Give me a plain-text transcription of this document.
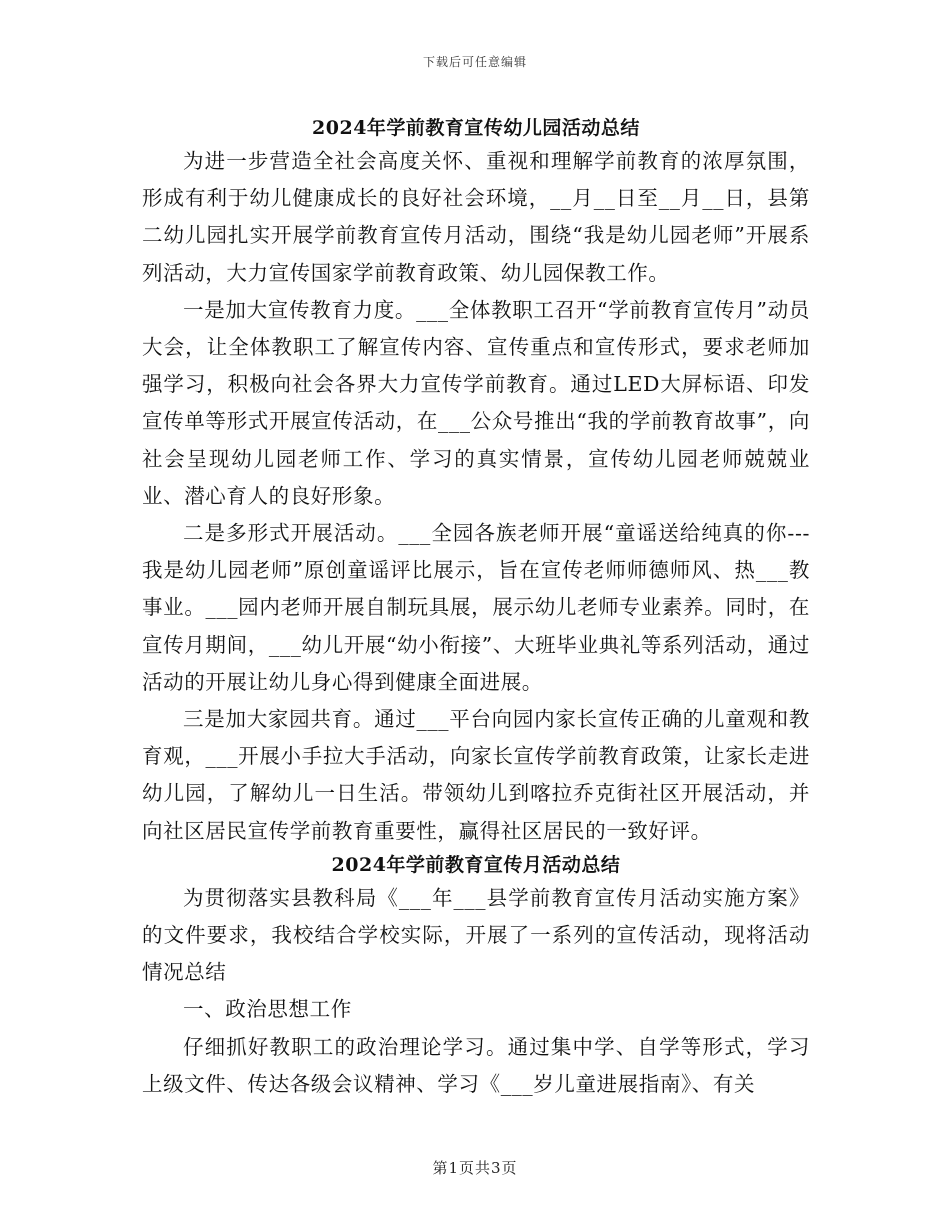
下载后可任意编辑
2024年学前教育宣传幼儿园活动总结

为进一步营造全社会高度关怀、重视和理解学前教育的浓厚氛围，形成有利于幼儿健康成长的良好社会环境，__月__日至__月__日，县第二幼儿园扎实开展学前教育宣传月活动，围绕“我是幼儿园老师”开展系列活动，大力宣传国家学前教育政策、幼儿园保教工作。

一是加大宣传教育力度。___全体教职工召开“学前教育宣传月”动员大会，让全体教职工了解宣传内容、宣传重点和宣传形式，要求老师加强学习，积极向社会各界大力宣传学前教育。通过LED大屏标语、印发宣传单等形式开展宣传活动，在___公众号推出“我的学前教育故事”，向社会呈现幼儿园老师工作、学习的真实情景，宣传幼儿园老师兢兢业业、潜心育人的良好形象。

二是多形式开展活动。___全园各族老师开展“童谣送给纯真的你---我是幼儿园老师”原创童谣评比展示，旨在宣传老师师德师风、热___教事业。___园内老师开展自制玩具展，展示幼儿老师专业素养。同时，在宣传月期间，___幼儿开展“幼小衔接”、大班毕业典礼等系列活动，通过活动的开展让幼儿身心得到健康全面进展。

三是加大家园共育。通过___平台向园内家长宣传正确的儿童观和教育观，___开展小手拉大手活动，向家长宣传学前教育政策，让家长走进幼儿园，了解幼儿一日生活。带领幼儿到喀拉乔克街社区开展活动，并向社区居民宣传学前教育重要性，赢得社区居民的一致好评。

2024年学前教育宣传月活动总结

为贯彻落实县教科局《___年___县学前教育宣传月活动实施方案》的文件要求，我校结合学校实际，开展了一系列的宣传活动，现将活动情况总结

一、政治思想工作

仔细抓好教职工的政治理论学习。通过集中学、自学等形式，学习上级文件、传达各级会议精神、学习《___岁儿童进展指南》、有关

第1页共3页
